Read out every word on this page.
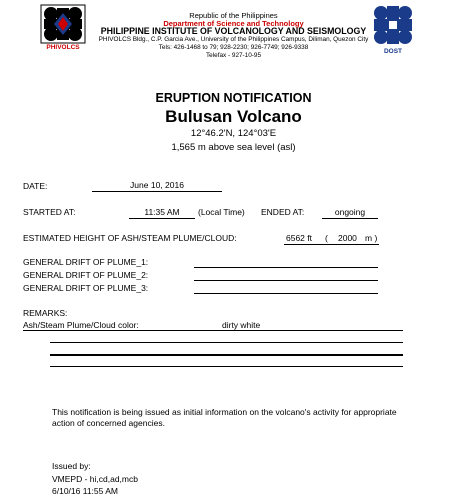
PHIVOLCS
DOST
Republic of the Philippines
Department of Science and Technology
PHILIPPINE INSTITUTE OF VOLCANOLOGY AND SEISMOLOGY
PHIVOLCS Bldg., C.P. Garcia Ave., University of the Philippines Campus, Diliman, Quezon City
Tels: 426-1468 to 79; 928-2230; 926-7749; 926-9338
Telefax - 927-10-95
ERUPTION NOTIFICATION
Bulusan Volcano
12°46.2'N, 124°03'E
1,565 m above sea level (asl)
DATE:	June 10, 2016
STARTED AT:	11:35 AM	(Local Time) ENDED AT:	ongoing
ESTIMATED HEIGHT OF ASH/STEAM PLUME/CLOUD:	6562 ft ( 2000 m )
GENERAL DRIFT OF PLUME_1:
GENERAL DRIFT OF PLUME_2:
GENERAL DRIFT OF PLUME_3:
REMARKS:
Ash/Steam Plume/Cloud color:	dirty white
This notification is being issued as initial information on the volcano's activity for appropriate
action of concerned agencies.
Issued by:
VMEPD - hi,cd,ad,mcb
6/10/16 11:55 AM
